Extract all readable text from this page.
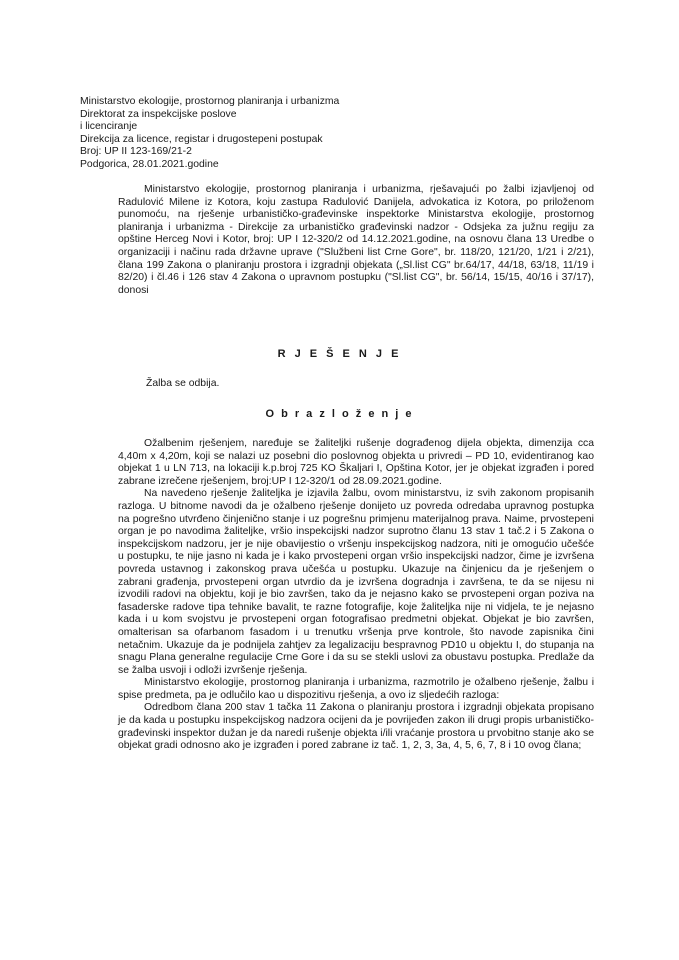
Ministarstvo ekologije, prostornog planiranja i urbanizma
Direktorat za inspekcijske poslove
i licenciranje
Direkcija za licence, registar i drugostepeni postupak
Broj: UP II 123-169/21-2
Podgorica, 28.01.2021.godine

Ministarstvo ekologije, prostornog planiranja i urbanizma, rješavajući po žalbi izjavljenoj od Radulović Milene iz Kotora, koju zastupa Radulović Danijela, advokatica iz Kotora, po priloženom punomoću, na rješenje urbanističko-građevinske inspektorke Ministarstva ekologije, prostornog planiranja i urbanizma - Direkcije za urbanističko građevinski nadzor - Odsjeka za južnu regiju za opštine Herceg Novi i Kotor, broj: UP I 12-320/2 od 14.12.2021.godine, na osnovu člana 13 Uredbe o organizaciji i načinu rada državne uprave ("Službeni list Crne Gore", br. 118/20, 121/20, 1/21 i 2/21), člana 199 Zakona o planiranju prostora i izgradnji objekata („Sl.list CG" br.64/17, 44/18, 63/18, 11/19 i 82/20) i čl.46 i 126 stav 4 Zakona o upravnom postupku ("Sl.list CG", br. 56/14, 15/15, 40/16 i 37/17), donosi

R J E Š E N J E
Žalba se odbija.
O b r a z l o ž e n j e

Ožalbenim rješenjem, naređuje se žaliteljki rušenje dograđenog dijela objekta, dimenzija cca 4,40m x 4,20m, koji se nalazi uz posebni dio poslovnog objekta u privredi – PD 10, evidentiranog kao objekat 1 u LN 713, na lokaciji k.p.broj 725 KO Škaljari I, Opština Kotor, jer je objekat izgrađen i pored zabrane izrečene rješenjem, broj:UP I 12-320/1 od 28.09.2021.godine.

Na navedeno rješenje žaliteljka je izjavila žalbu, ovom ministarstvu, iz svih zakonom propisanih razloga. U bitnome navodi da je ožalbeno rješenje donijeto uz povreda odredaba upravnog postupka na pogrešno utvrđeno činjenično stanje i uz pogrešnu primjenu materijalnog prava. Naime, prvostepeni organ je po navodima žaliteljke, vršio inspekcijski nadzor suprotno članu 13 stav 1 tač.2 i 5 Zakona o inspekcijskom nadzoru, jer je nije obavijestio o vršenju inspekcijskog nadzora, niti je omogućio učešće u postupku, te nije jasno ni kada je i kako prvostepeni organ vršio inspekcijski nadzor, čime je izvršena povreda ustavnog i zakonskog prava učešća u postupku. Ukazuje na činjenicu da je rješenjem o zabrani građenja, prvostepeni organ utvrdio da je izvršena dogradnja i završena, te da se nijesu ni izvodili radovi na objektu, koji je bio završen, tako da je nejasno kako se prvostepeni organ poziva na fasaderske radove tipa tehnike bavalit, te razne fotografije, koje žaliteljka nije ni vidjela, te je nejasno kada i u kom svojstvu je prvostepeni organ fotografisao predmetni objekat. Objekat je bio završen, omalterisan sa ofarbanom fasadom i u trenutku vršenja prve kontrole, što navode zapisnika čini netačnim. Ukazuje da je podnijela zahtjev za legalizaciju bespravnog PD10 u objektu I, do stupanja na snagu Plana generalne regulacije Crne Gore i da su se stekli uslovi za obustavu postupka. Predlaže da se žalba usvoji i odloži izvršenje rješenja.

Ministarstvo ekologije, prostornog planiranja i urbanizma, razmotrilo je ožalbeno rješenje, žalbu i spise predmeta, pa je odlučilo kao u dispozitivu rješenja, a ovo iz sljedećih razloga:

Odredbom člana 200 stav 1 tačka 11 Zakona o planiranju prostora i izgradnji objekata propisano je da kada u postupku inspekcijskog nadzora ocijeni da je povrijeđen zakon ili drugi propis urbanističko-građevinski inspektor dužan je da naredi rušenje objekta i/ili vraćanje prostora u prvobitno stanje ako se objekat gradi odnosno ako je izgrađen i pored zabrane iz tač. 1, 2, 3, 3a, 4, 5, 6, 7, 8 i 10 ovog člana;
